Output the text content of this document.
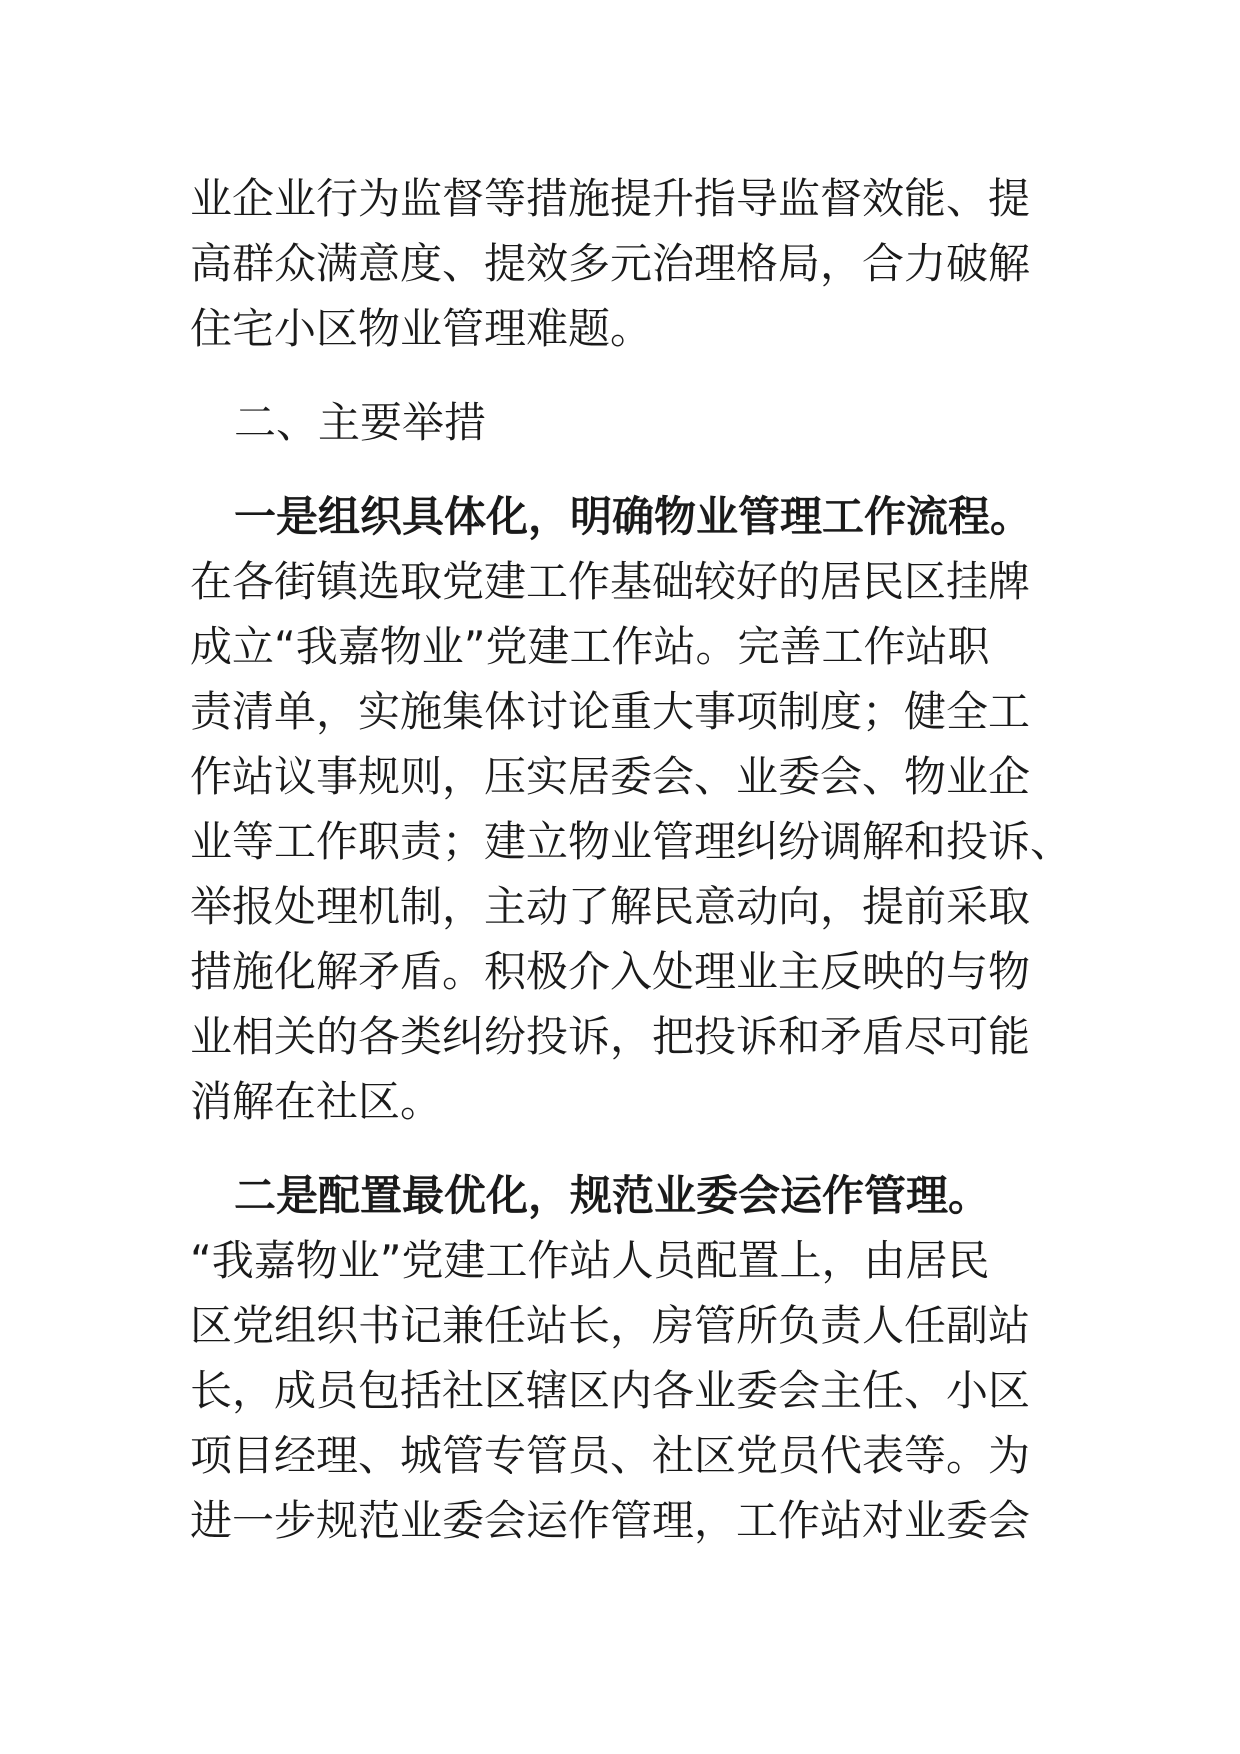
业企业行为监督等措施提升指导监督效能、提
高群众满意度、提效多元治理格局，合力破解
住宅小区物业管理难题。
二、主要举措
一是组织具体化，明确物业管理工作流程。
在各街镇选取党建工作基础较好的居民区挂牌
成立“我嘉物业”党建工作站。完善工作站职
责清单，实施集体讨论重大事项制度；健全工
作站议事规则，压实居委会、业委会、物业企
业等工作职责；建立物业管理纠纷调解和投诉、
举报处理机制，主动了解民意动向，提前采取
措施化解矛盾。积极介入处理业主反映的与物
业相关的各类纠纷投诉，把投诉和矛盾尽可能
消解在社区。
二是配置最优化，规范业委会运作管理。
“我嘉物业”党建工作站人员配置上，由居民
区党组织书记兼任站长，房管所负责人任副站
长，成员包括社区辖区内各业委会主任、小区
项目经理、城管专管员、社区党员代表等。为
进一步规范业委会运作管理，工作站对业委会
